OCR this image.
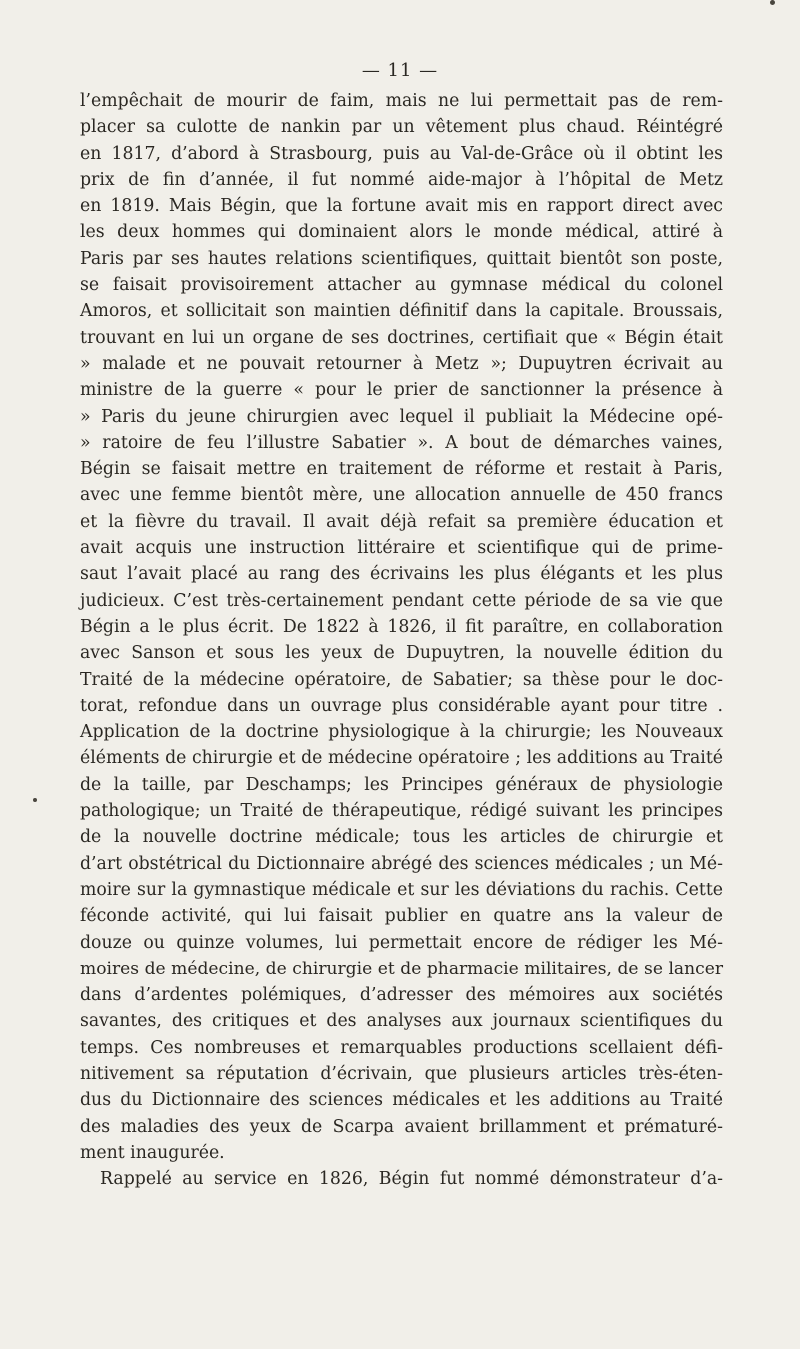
— 11 —
l’empêchait de mourir de faim, mais ne lui permettait pas de rem-
placer sa culotte de nankin par un vêtement plus chaud. Réintégré
en 1817, d’abord à Strasbourg, puis au Val-de-Grâce où il obtint les
prix de fin d’année, il fut nommé aide-major à l’hôpital de Metz
en 1819. Mais Bégin, que la fortune avait mis en rapport direct avec
les deux hommes qui dominaient alors le monde médical, attiré à
Paris par ses hautes relations scientifiques, quittait bientôt son poste,
se faisait provisoirement attacher au gymnase médical du colonel
Amoros, et sollicitait son maintien définitif dans la capitale. Broussais,
trouvant en lui un organe de ses doctrines, certifiait que « Bégin était
» malade et ne pouvait retourner à Metz »; Dupuytren écrivait au
ministre de la guerre « pour le prier de sanctionner la présence à
» Paris du jeune chirurgien avec lequel il publiait la Médecine opé-
» ratoire de feu l’illustre Sabatier ». A bout de démarches vaines,
Bégin se faisait mettre en traitement de réforme et restait à Paris,
avec une femme bientôt mère, une allocation annuelle de 450 francs
et la fièvre du travail. Il avait déjà refait sa première éducation et
avait acquis une instruction littéraire et scientifique qui de prime-
saut l’avait placé au rang des écrivains les plus élégants et les plus
judicieux. C’est très-certainement pendant cette période de sa vie que
Bégin a le plus écrit. De 1822 à 1826, il fit paraître, en collaboration
avec Sanson et sous les yeux de Dupuytren, la nouvelle édition du
Traité de la médecine opératoire, de Sabatier; sa thèse pour le doc-
torat, refondue dans un ouvrage plus considérable ayant pour titre .
Application de la doctrine physiologique à la chirurgie; les Nouveaux
éléments de chirurgie et de médecine opératoire ; les additions au Traité
de la taille, par Deschamps; les Principes généraux de physiologie
pathologique; un Traité de thérapeutique, rédigé suivant les principes
de la nouvelle doctrine médicale; tous les articles de chirurgie et
d’art obstétrical du Dictionnaire abrégé des sciences médicales ; un Mé-
moire sur la gymnastique médicale et sur les déviations du rachis. Cette
féconde activité, qui lui faisait publier en quatre ans la valeur de
douze ou quinze volumes, lui permettait encore de rédiger les Mé-
moires de médecine, de chirurgie et de pharmacie militaires, de se lancer
dans d’ardentes polémiques, d’adresser des mémoires aux sociétés
savantes, des critiques et des analyses aux journaux scientifiques du
temps. Ces nombreuses et remarquables productions scellaient défi-
nitivement sa réputation d’écrivain, que plusieurs articles très-éten-
dus du Dictionnaire des sciences médicales et les additions au Traité
des maladies des yeux de Scarpa avaient brillamment et prématuré-
ment inaugurée.
Rappelé au service en 1826, Bégin fut nommé démonstrateur d’a-
